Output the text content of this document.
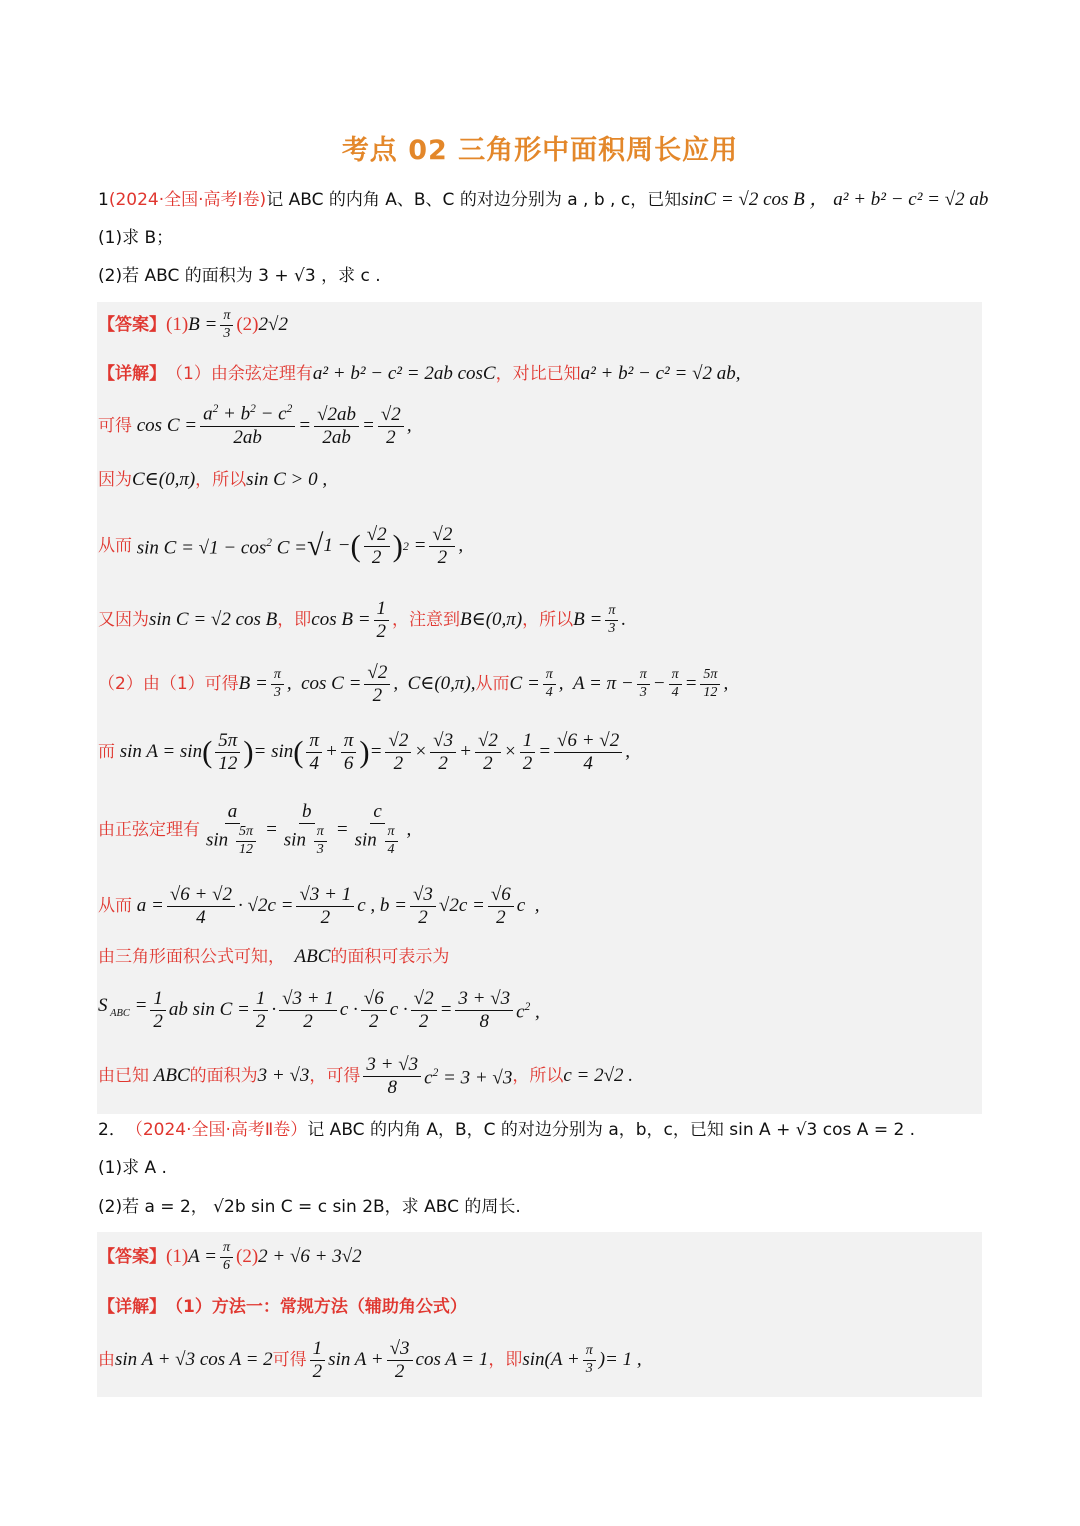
考点 02 三角形中面积周长应用
1 (2024·全国·高考Ⅰ卷) 记 ABC 的内角 A、B、C 的对边分别为 a , b , c，已知 sinC = √2 cos B ， a² + b² − c² = √2 ab
(1)求 B；
(2)若 ABC 的面积为 3 + √3 ，求 c .
【答案】 (1) $B = \frac{\pi}{3} (2)$ 2√2
【详解】 （1）由余弦定理有 a² + b² − c² = 2ab cosC ，对比已知 a² + b² − c² = √2 ab ,
可得 $\cos C = \frac{a^2 + b^2 - c^2}{2ab} = \frac{√2ab}{2ab} = \frac{√2}{2}$ ,
因为 C∈(0,π) ，所以 sin C > 0 ,
从而 $\sin C = √1 - \cos^2 C$ = √ 1 − ( $\frac{√2}{2}$ ) $2 = \frac{√2}{2}$ ,
又因为 sin C = √2 cos B ，即 $\cos B = \frac{1}{2}$ ，注意到 B∈(0,π) ，所以 $B = \frac{\pi}{3}$ .
（2）由（1）可得 $B = \frac{\pi}{3}$ ,  $\cos C = \frac{√2}{2}$ ,  C∈(0,π), 从而 $C = \frac{\pi}{4}$ ,  $A = \pi - \frac{\pi}{3} - \frac{\pi}{4} = \frac{5\pi}{12}$ ,
而 sin A = sin ( $\frac{5\pi}{12}$ ) = sin ( $\frac{\pi}{4} + \frac{\pi}{6}$ ) = $\frac{√2}{2} \times \frac{√3}{2} + \frac{√2}{2} \times \frac{1}{2} = \frac{√6 + √2}{4}$ ,
由正弦定理有 $\frac{a}{\sin \frac{5\pi}{12}} = \frac{b}{\sin \frac{\pi}{3}} = \frac{c}{\sin \frac{\pi}{4}}$ ,
从而 $a = \frac{√6 + √2}{4} \cdot √2c = \frac{√3 + 1}{2}$ c , $b = \frac{√3}{2} √2c = \frac{√6}{2}$ c  ,
由三角形面积公式可知，
ABC 的面积可表示为
S $_{ABC} = \frac{1}{2}$ ab $\sin C = \frac{1}{2} \cdot \frac{√3 + 1}{2}$ $c \cdot \frac{√6}{2}$ $c \cdot \frac{√2}{2} = \frac{3 + √3}{8} c^2$ ,
由已知
ABC 的面积为 3 + √3 ，可得 $\frac{3 + √3}{8} c^2 = 3 + √3$ ，所以 c = 2√2 .
2． （2024·全国·高考Ⅱ卷） 记 ABC 的内角 A，B，C 的对边分别为 a，b，c，已知 sin A + √3 cos A = 2 .
(1)求 A .
(2)若 a = 2， √2b sin C = c sin 2B，求 ABC 的周长.
【答案】 (1) $A = \frac{\pi}{6} (2) 2 + √6 + 3√2$
【详解】 （1）方法一：常规方法（辅助角公式）
由 sin A + √3 cos A = 2 可得 $\frac{1}{2}$ $\sin A + \frac{√3}{2}$ cos A = 1 ，即 $\sin(A + \frac{\pi}{3}$ ) = 1 ,
